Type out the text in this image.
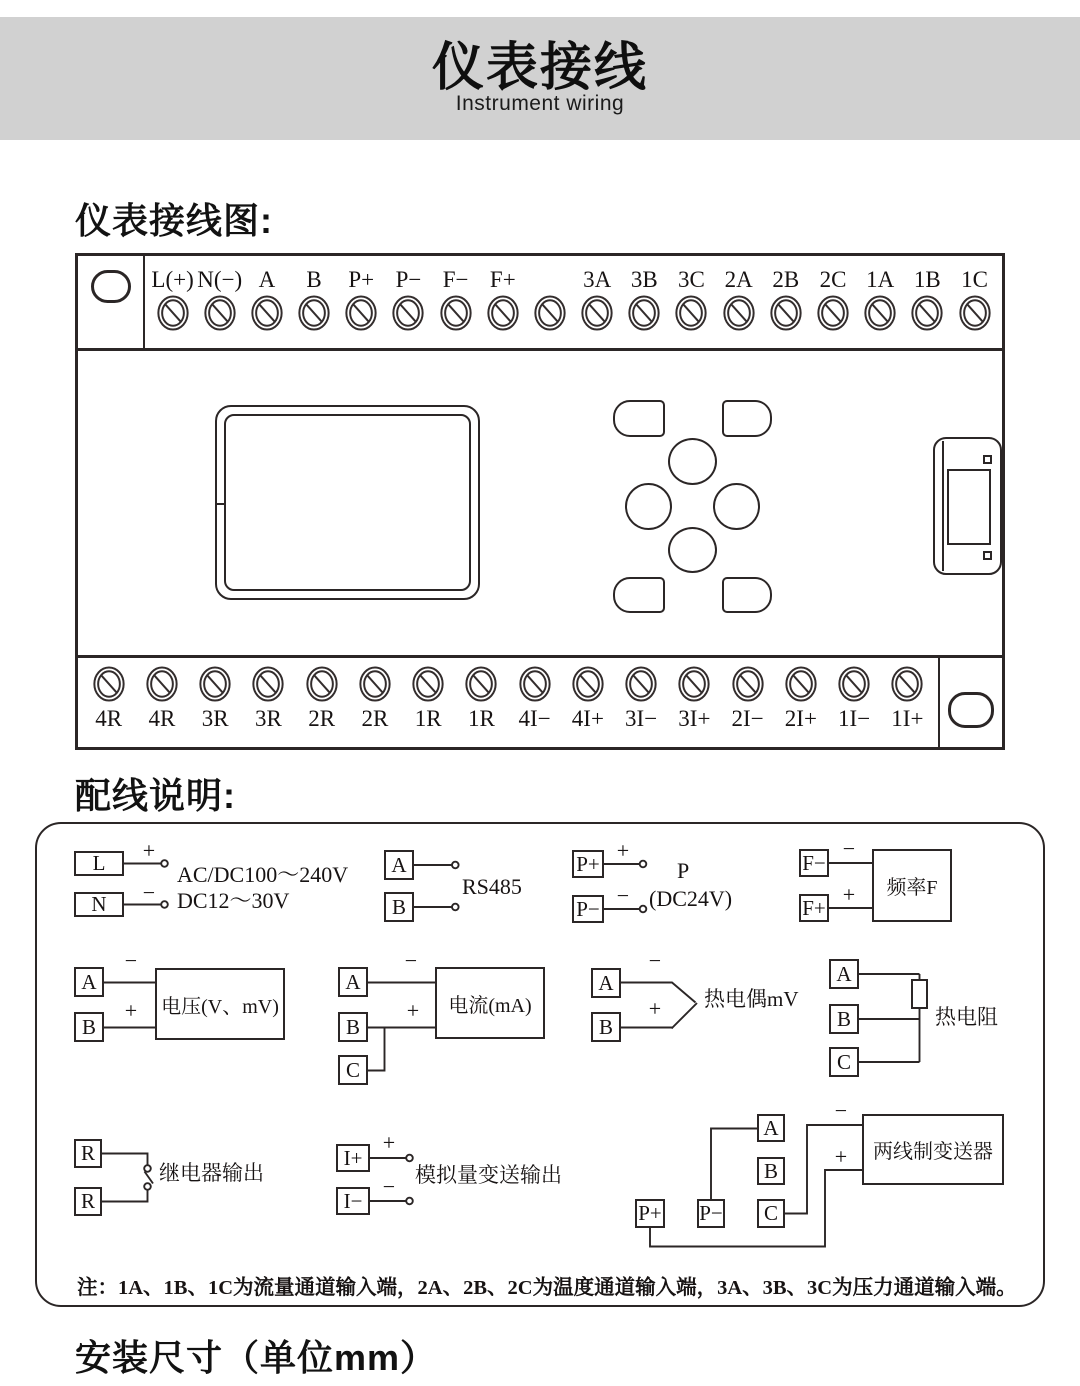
仪表接线
Instrument wiring
仪表接线图:
L(+) N(−) A B P+ P− F− F+	3A 3B 3C 2A 2B 2C 1A 1B 1C
4R 4R 3R 3R 2R 2R 1R 1R 4I− 4I+ 3I− 3I+ 2I− 2I+ 1I− 1I+
配线说明:
L
N
+
−
AC/DC100～240V
DC12～30V
A
B
RS485
P+
P−
+
−
P
(DC24V)
F−
F+
−
+	频率F
A
B
−
+	电压(V、mV)
A
B
C
−
+	电流(mA)
A
B
−
+ 热电偶mV
A
B
C
热电阻
R
R
继电器输出
I+
I−
+
− 模拟量变送输出
A
B
C
P+ P−
−
+	两线制变送器
注：1A、1B、1C为流量通道输入端，2A、2B、2C为温度通道输入端，3A、3B、3C为压力通道输入端。
安装尺寸（单位mm）
